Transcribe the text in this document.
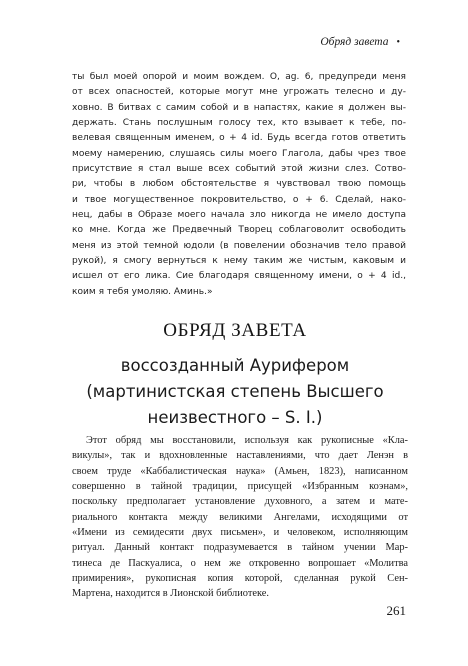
Обряд завета •
ты был моей опорой и моим вождем. О, ag. 6, предупреди меня
от всех опасностей, которые могут мне угрожать телесно и ду-
ховно. В битвах с самим собой и в напастях, какие я должен вы-
держать. Стань послушным голосу тех, кто взывает к тебе, по-
велевая священным именем, о + 4 id. Будь всегда готов ответить
моему намерению, слушаясь силы моего Глагола, дабы чрез твое
присутствие я стал выше всех событий этой жизни слез. Сотво-
ри, чтобы в любом обстоятельстве я чувствовал твою помощь
и твое могущественное покровительство, о + 6. Сделай, нако-
нец, дабы в Образе моего начала зло никогда не имело доступа
ко мне. Когда же Предвечный Творец соблаговолит освободить
меня из этой темной юдоли (в повелении обозначив тело правой
рукой), я смогу вернуться к нему таким же чистым, каковым и
исшел от его лика. Сие благодаря священному имени, о + 4 id.,
коим я тебя умоляю. Аминь.»
ОБРЯД ЗАВЕТА
воссозданный Аурифером
(мартинистская степень Высшего
неизвестного – S. I.)
Этот обряд мы восстановили, используя как рукописные «Кла-
викулы», так и вдохновленные наставлениями, что дает Ленэн в
своем труде «Каббалистическая наука» (Амьен, 1823), написанном
совершенно в тайной традиции, присущей «Избранным коэнам»,
поскольку предполагает установление духовного, а затем и мате-
риального контакта между великими Ангелами, исходящими от
«Имени из семидесяти двух письмен», и человеком, исполняющим
ритуал. Данный контакт подразумевается в тайном учении Мар-
тинеса де Паскуалиса, о нем же откровенно вопрошает «Молитва
примирения», рукописная копия которой, сделанная рукой Сен-
Мартена, находится в Лионской библиотеке.
261
